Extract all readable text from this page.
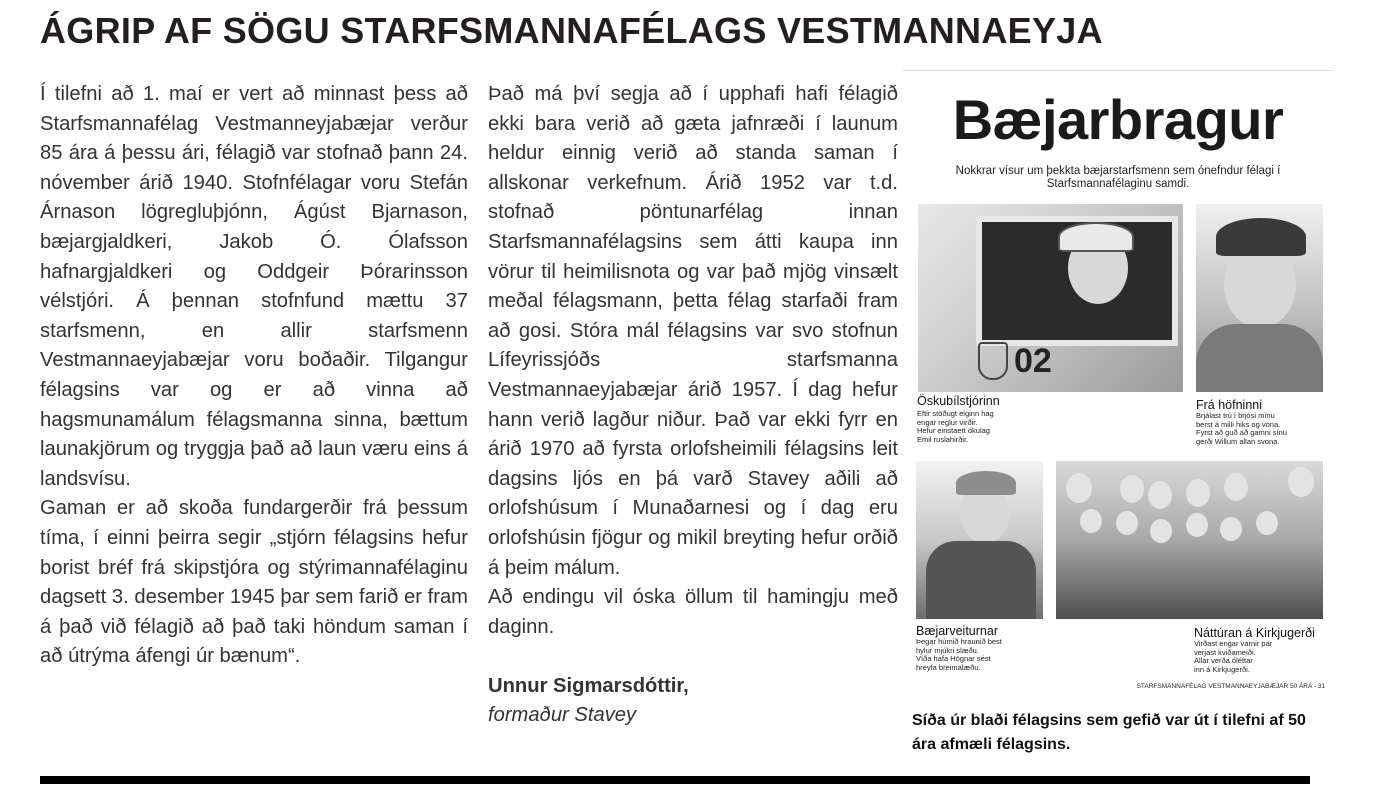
ÁGRIP AF SÖGU STARFSMANNAFÉLAGS VESTMANNAEYJA

Í tilefni að 1. maí er vert að minnast þess að Starfsmannafélag Vestmanneyjabæjar verður 85 ára á þessu ári, félagið var stofnað þann 24. nóvember árið 1940. Stofnfélagar voru Stefán Árnason lögregluþjónn, Ágúst Bjarnason, bæjargjaldkeri, Jakob Ó. Ólafsson hafnargjaldkeri og Oddgeir Þórarinsson vélstjóri. Á þennan stofnfund mættu 37 starfsmenn, en allir starfsmenn Vestmannaeyjabæjar voru boðaðir. Tilgangur félagsins var og er að vinna að hagsmunamálum félagsmanna sinna, bættum launakjörum og tryggja það að laun væru eins á landsvísu.

Gaman er að skoða fundargerðir frá þessum tíma, í einni þeirra segir „stjórn félagsins hefur borist bréf frá skipstjóra og stýrimannafélaginu dagsett 3. desember 1945 þar sem farið er fram á það við félagið að það taki höndum saman í að útrýma áfengi úr bænum“.

Það má því segja að í upphafi hafi félagið ekki bara verið að gæta jafnræði í launum heldur einnig verið að standa saman í allskonar verkefnum. Árið 1952 var t.d. stofnað pöntunarfélag innan Starfsmannafélagsins sem átti kaupa inn vörur til heimilisnota og var það mjög vinsælt meðal félagsmann, þetta félag starfaði fram að gosi. Stóra mál félagsins var svo stofnun Lífeyrissjóðs starfsmanna Vestmannaeyjabæjar árið 1957. Í dag hefur hann verið lagður niður. Það var ekki fyrr en árið 1970 að fyrsta orlofsheimili félagsins leit dagsins ljós en þá varð Stavey aðili að orlofshúsum í Munaðarnesi og í dag eru orlofshúsin fjögur og mikil breyting hefur orðið á þeim málum.

Að endingu vil óska öllum til hamingju með daginn.

Unnur Sigmarsdóttir,

formaður Stavey

Bæjarbragur
Nokkrar vísur um þekkta bæjarstarfsmenn sem ónefndur félagi í Starfsmannafélaginu samdi.
02
Öskubílstjórinn
Eftir stöðugt eiginn hag
engar reglur virðir.
Hefur einstaett ókulag
Emil ruslahirðir.
Frá höfninni
Brjálast trú í brjósi mínu
berst á milli hiks og vona.
Fyrst að guð að gamni sínu
gerði Willum allan svona.
Bæjarveiturnar
Þegar húmið hraunið best
hylur mjúkri slæðu.
Víða hafa Högnar sést
hreyfa breimalæðu.
Náttúran á Kirkjugerði
Virðast engar varnir par
verjast kviðameiði.
Allar verða óléttar
inn á Kirkjugerði.
STARFSMANNAFÉLAG VESTMANNAEYJABÆJAR 50 ÁRA - 31
Síða úr blaði félagsins sem gefið var út í tilefni af 50 ára afmæli félagsins.
